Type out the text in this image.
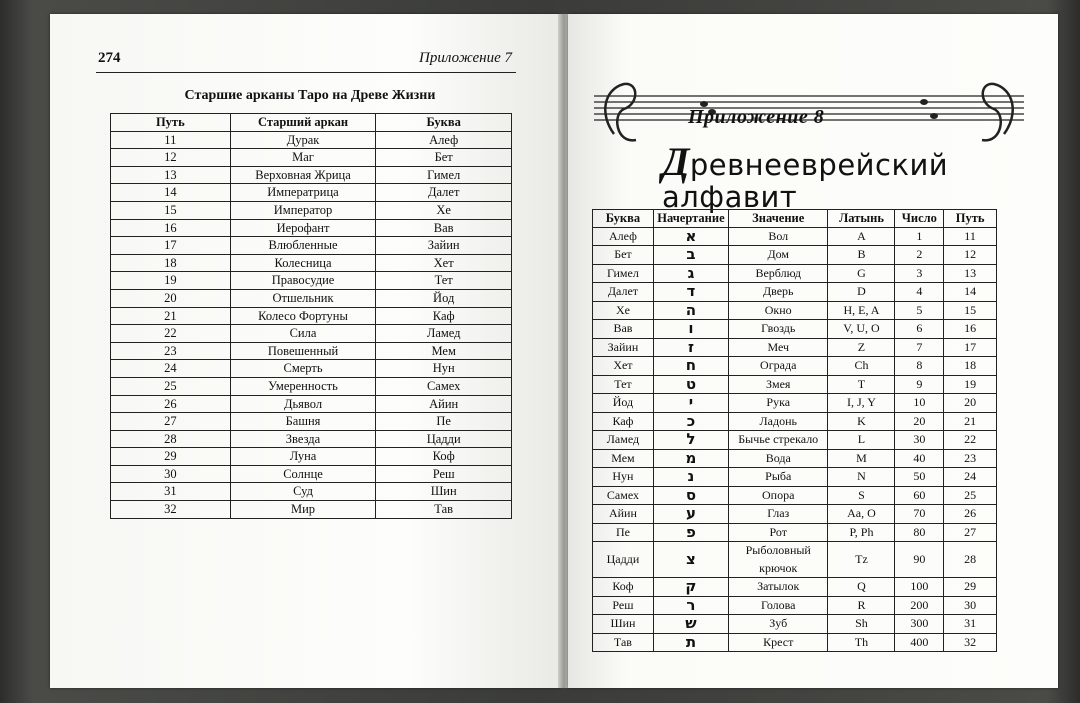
274	Приложение 7
Старшие арканы Таро на Древе Жизни
Путь	Старший аркан	Буква
11	Дурак	Алеф
12	Маг	Бет
13	Верховная Жрица	Гимел
14	Императрица	Далет
15	Император	Хе
16	Иерофант	Вав
17	Влюбленные	Зайин
18	Колесница	Хет
19	Правосудие	Тет
20	Отшельник	Йод
21	Колесо Фортуны	Каф
22	Сила	Ламед
23	Повешенный	Мем
24	Смерть	Нун
25	Умеренность	Самех
26	Дьявол	Айин
27	Башня	Пе
28	Звезда	Цадди
29	Луна	Коф
30	Солнце	Реш
31	Суд	Шин
32	Мир	Тав
Приложение 8
Древнееврейский
алфавит
Буква	Начертание	Значение	Латынь	Число	Путь
Алеф	א	Вол	A	1	11
Бет	ב	Дом	B	2	12
Гимел	ג	Верблюд	G	3	13
Далет	ד	Дверь	D	4	14
Хе	ה	Окно	H, E, A	5	15
Вав	ו	Гвоздь	V, U, O	6	16
Зайин	ז	Меч	Z	7	17
Хет	ח	Ограда	Ch	8	18
Тет	ט	Змея	T	9	19
Йод	י	Рука	I, J, Y	10	20
Каф	כ	Ладонь	K	20	21
Ламед	ל	Бычье стрекало	L	30	22
Мем	מ	Вода	M	40	23
Нун	נ	Рыба	N	50	24
Самех	ס	Опора	S	60	25
Айин	ע	Глаз	Aa, O	70	26
Пе	פ	Рот	P, Ph	80	27
Цадди	צ	Рыболовный крючок	Tz	90	28
Коф	ק	Затылок	Q	100	29
Реш	ר	Голова	R	200	30
Шин	ש	Зуб	Sh	300	31
Тав	ת	Крест	Th	400	32
